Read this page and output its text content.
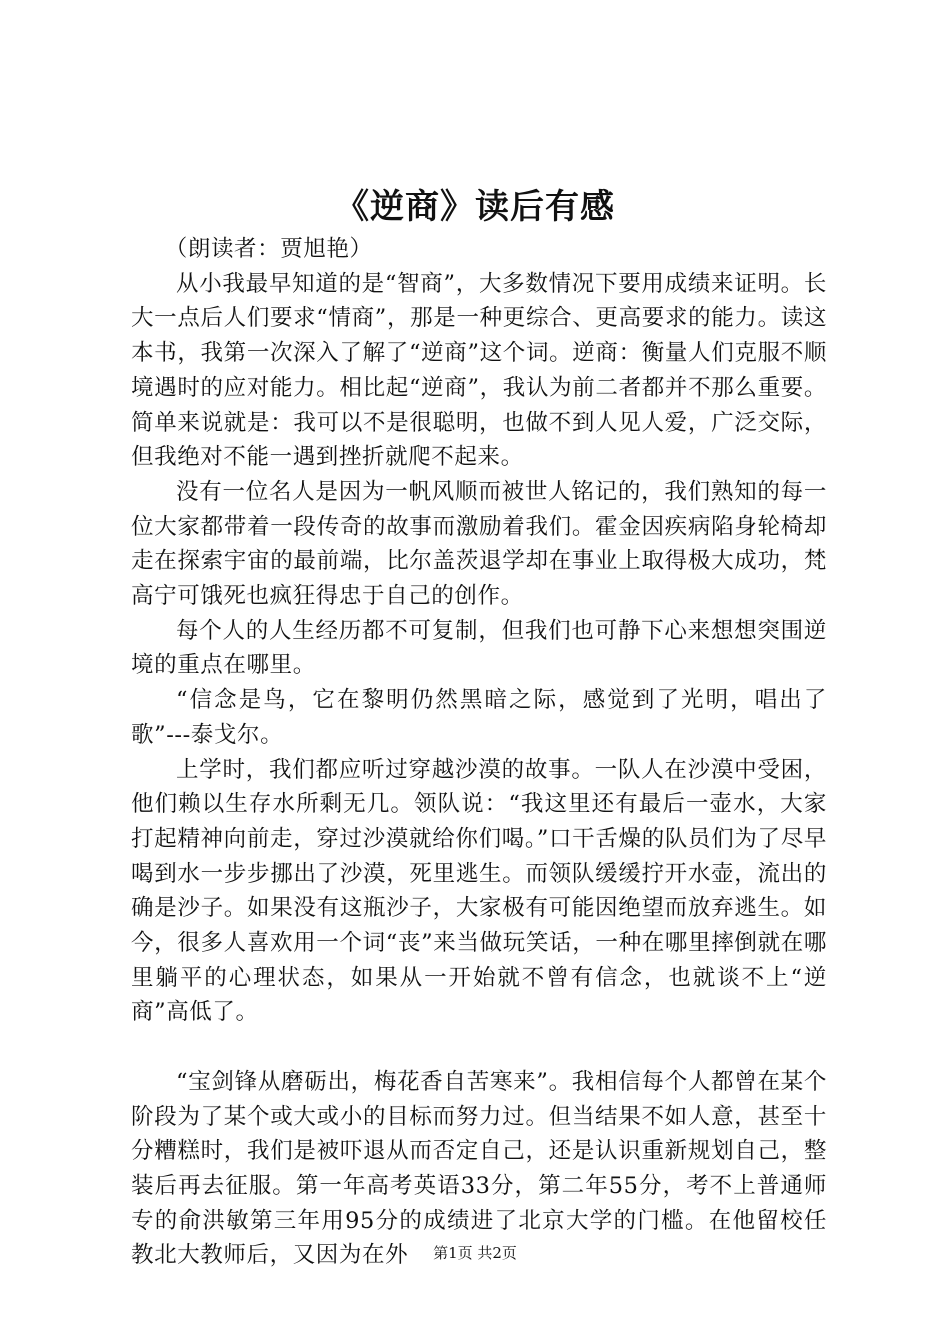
《逆商》读后有感

（朗读者：贾旭艳）

从小我最早知道的是“智商”，大多数情况下要用成绩来证明。长大一点后人们要求“情商”，那是一种更综合、更高要求的能力。读这本书，我第一次深入了解了“逆商”这个词。逆商：衡量人们克服不顺境遇时的应对能力。相比起“逆商”，我认为前二者都并不那么重要。简单来说就是：我可以不是很聪明，也做不到人见人爱，广泛交际，但我绝对不能一遇到挫折就爬不起来。

没有一位名人是因为一帆风顺而被世人铭记的，我们熟知的每一位大家都带着一段传奇的故事而激励着我们。霍金因疾病陷身轮椅却走在探索宇宙的最前端，比尔盖茨退学却在事业上取得极大成功，梵高宁可饿死也疯狂得忠于自己的创作。

每个人的人生经历都不可复制，但我们也可静下心来想想突围逆境的重点在哪里。

“信念是鸟，它在黎明仍然黑暗之际，感觉到了光明，唱出了歌”---泰戈尔。

上学时，我们都应听过穿越沙漠的故事。一队人在沙漠中受困，他们赖以生存水所剩无几。领队说：“我这里还有最后一壶水，大家打起精神向前走，穿过沙漠就给你们喝。”口干舌燥的队员们为了尽早喝到水一步步挪出了沙漠，死里逃生。而领队缓缓拧开水壶，流出的确是沙子。如果没有这瓶沙子，大家极有可能因绝望而放弃逃生。如今，很多人喜欢用一个词“丧”来当做玩笑话，一种在哪里摔倒就在哪里躺平的心理状态，如果从一开始就不曾有信念，也就谈不上“逆商”高低了。

“宝剑锋从磨砺出，梅花香自苦寒来”。我相信每个人都曾在某个阶段为了某个或大或小的目标而努力过。但当结果不如人意，甚至十分糟糕时，我们是被吓退从而否定自己，还是认识重新规划自己，整装后再去征服。第一年高考英语33分，第二年55分，考不上普通师专的俞洪敏第三年用95分的成绩进了北京大学的门槛。在他留校任教北大教师后，又因为在外	第1页 共2页
